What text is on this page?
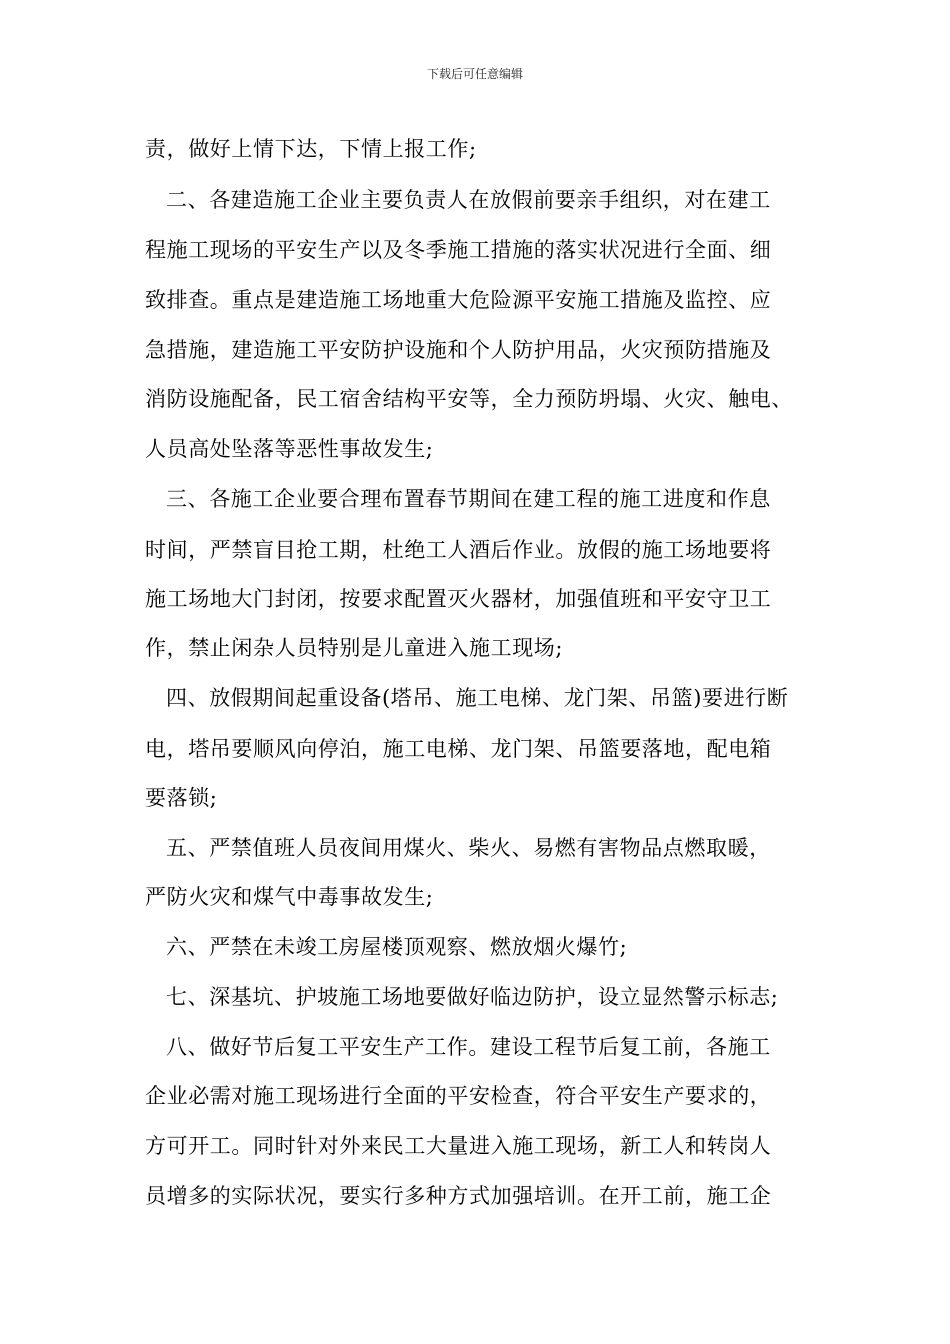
下载后可任意编辑
责，做好上情下达，下情上报工作;
二、各建造施工企业主要负责人在放假前要亲手组织，对在建工
程施工现场的平安生产以及冬季施工措施的落实状况进行全面、细
致排查。重点是建造施工场地重大危险源平安施工措施及监控、应
急措施，建造施工平安防护设施和个人防护用品，火灾预防措施及
消防设施配备，民工宿舍结构平安等，全力预防坍塌、火灾、触电、
人员高处坠落等恶性事故发生;
三、各施工企业要合理布置春节期间在建工程的施工进度和作息
时间，严禁盲目抢工期，杜绝工人酒后作业。放假的施工场地要将
施工场地大门封闭，按要求配置灭火器材，加强值班和平安守卫工
作，禁止闲杂人员特别是儿童进入施工现场;
四、放假期间起重设备(塔吊、施工电梯、龙门架、吊篮)要进行断
电，塔吊要顺风向停泊，施工电梯、龙门架、吊篮要落地，配电箱
要落锁;
五、严禁值班人员夜间用煤火、柴火、易燃有害物品点燃取暖，
严防火灾和煤气中毒事故发生;
六、严禁在未竣工房屋楼顶观察、燃放烟火爆竹;
七、深基坑、护坡施工场地要做好临边防护，设立显然警示标志;
八、做好节后复工平安生产工作。建设工程节后复工前，各施工
企业必需对施工现场进行全面的平安检查，符合平安生产要求的，
方可开工。同时针对外来民工大量进入施工现场，新工人和转岗人
员增多的实际状况，要实行多种方式加强培训。在开工前，施工企
